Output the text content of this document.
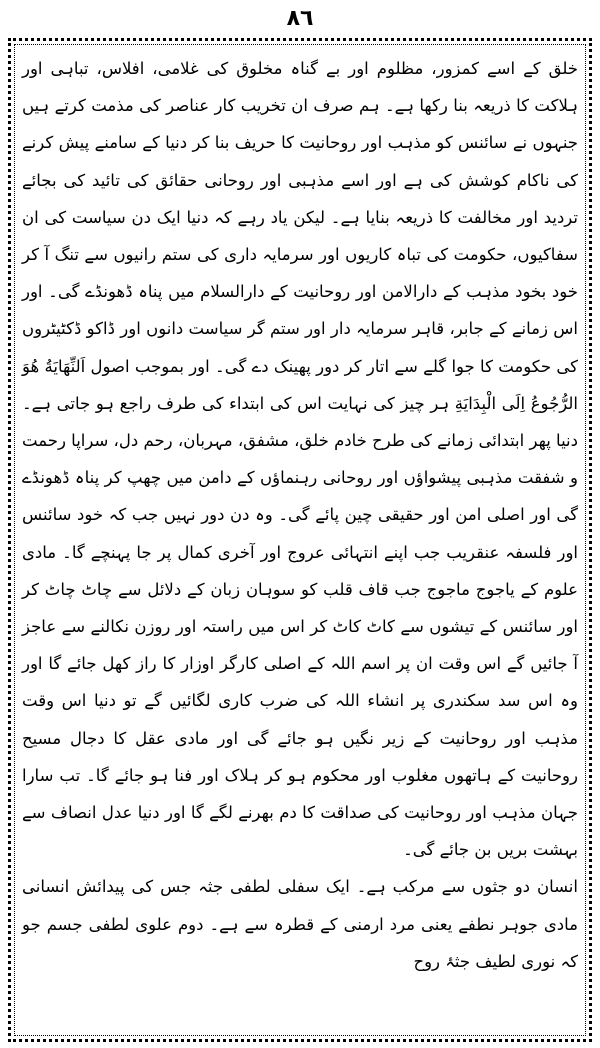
۸٦

خلق کے اسے کمزور، مظلوم اور بے گناہ مخلوق کی غلامی، افلاس، تباہی اور ہلاکت کا ذریعہ بنا رکھا ہے۔ ہم صرف ان تخریب کار عناصر کی مذمت کرتے ہیں جنہوں نے سائنس کو مذہب اور روحانیت کا حریف بنا کر دنیا کے سامنے پیش کرنے کی ناکام کوشش کی ہے اور اسے مذہبی اور روحانی حقائق کی تائید کی بجائے تردید اور مخالفت کا ذریعہ بنایا ہے۔ لیکن یاد رہے کہ دنیا ایک دن سیاست کی ان سفاکیوں، حکومت کی تباہ کاریوں اور سرمایہ داری کی ستم رانیوں سے تنگ آ کر خود بخود مذہب کے دارالامن اور روحانیت کے دارالسلام میں پناہ ڈھونڈے گی۔ اور اس زمانے کے جابر، قاہر سرمایہ دار اور ستم گر سیاست دانوں اور ڈاکو ڈکٹیٹروں کی حکومت کا جوا گلے سے اتار کر دور پھینک دے گی۔ اور بموجب اصول اَلنِّھَایَةُ ھُوَ الرُّجُوعُ اِلَی الْبِدَایَةِ ہر چیز کی نہایت اس کی ابتداء کی طرف راجع ہو جاتی ہے۔ دنیا پھر ابتدائی زمانے کی طرح خادم خلق، مشفق، مہربان، رحم دل، سراپا رحمت و شفقت مذہبی پیشواؤں اور روحانی رہنماؤں کے دامن میں چھپ کر پناہ ڈھونڈے گی اور اصلی امن اور حقیقی چین پائے گی۔ وہ دن دور نہیں جب کہ خود سائنس اور فلسفہ عنقریب جب اپنے انتہائی عروج اور آخری کمال پر جا پہنچے گا۔ مادی علوم کے یاجوج ماجوج جب قاف قلب کو سوہان زبان کے دلائل سے چاٹ چاٹ کر اور سائنس کے تیشوں سے کاٹ کاٹ کر اس میں راستہ اور روزن نکالنے سے عاجز آ جائیں گے اس وقت ان پر اسم اللہ کے اصلی کارگر اوزار کا راز کھل جائے گا اور وہ اس سد سکندری پر انشاء اللہ کی ضرب کاری لگائیں گے تو دنیا اس وقت مذہب اور روحانیت کے زیر نگیں ہو جائے گی اور مادی عقل کا دجال مسیح روحانیت کے ہاتھوں مغلوب اور محکوم ہو کر ہلاک اور فنا ہو جائے گا۔ تب سارا جہان مذہب اور روحانیت کی صداقت کا دم بھرنے لگے گا اور دنیا عدل انصاف سے بہشت بریں بن جائے گی۔

انسان دو جثوں سے مرکب ہے۔ ایک سفلی لطفی جثہ جس کی پیدائش انسانی مادی جوہر نطفے یعنی مرد ارمنی کے قطرہ سے ہے۔ دوم علوی لطفی جسم جو کہ نوری لطیف جثۂ روح
